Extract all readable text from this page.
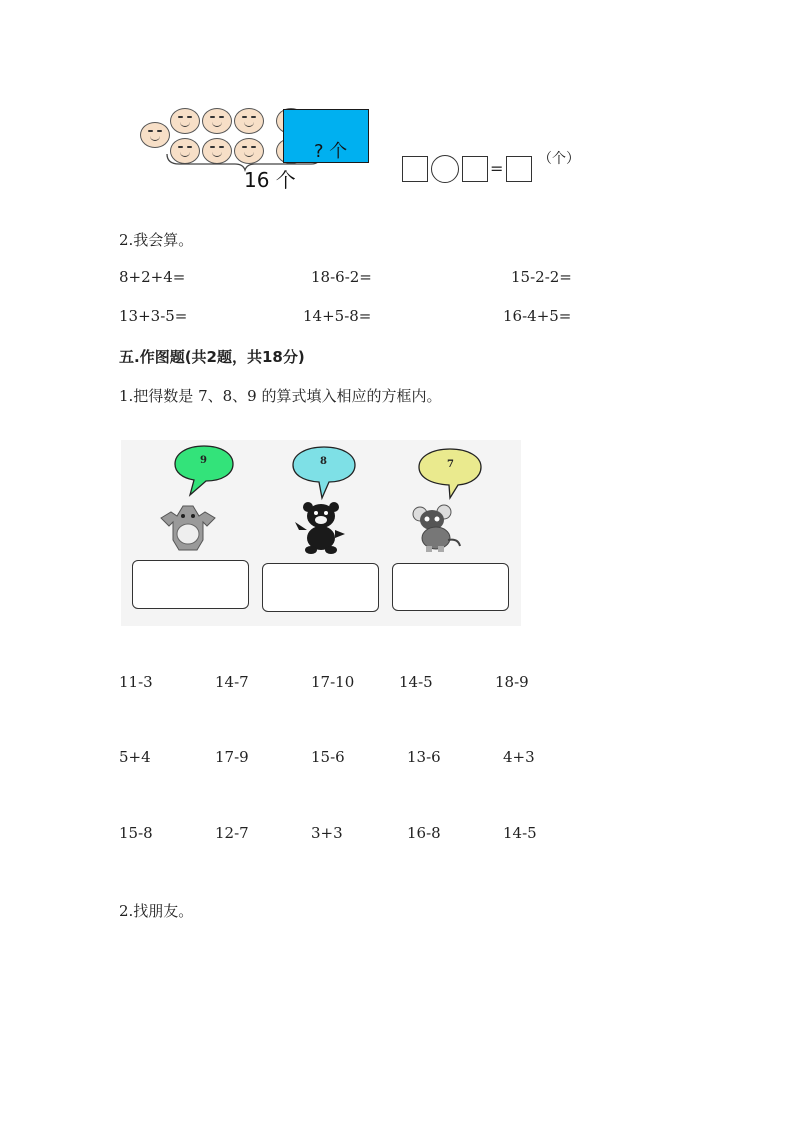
? 个
16 个	= （个）
2.我会算。
8+2+4=	18-6-2=	15-2-2=
13+3-5=	14+5-8=	16-4+5=
五.作图题(共2题，共18分)
1.把得数是 7、8、9 的算式填入相应的方框内。
9	8	7
11-3	14-7	17-10	14-5	18-9
5+4	17-9	15-6	13-6	4+3
15-8	12-7	3+3	16-8	14-5
2.找朋友。
